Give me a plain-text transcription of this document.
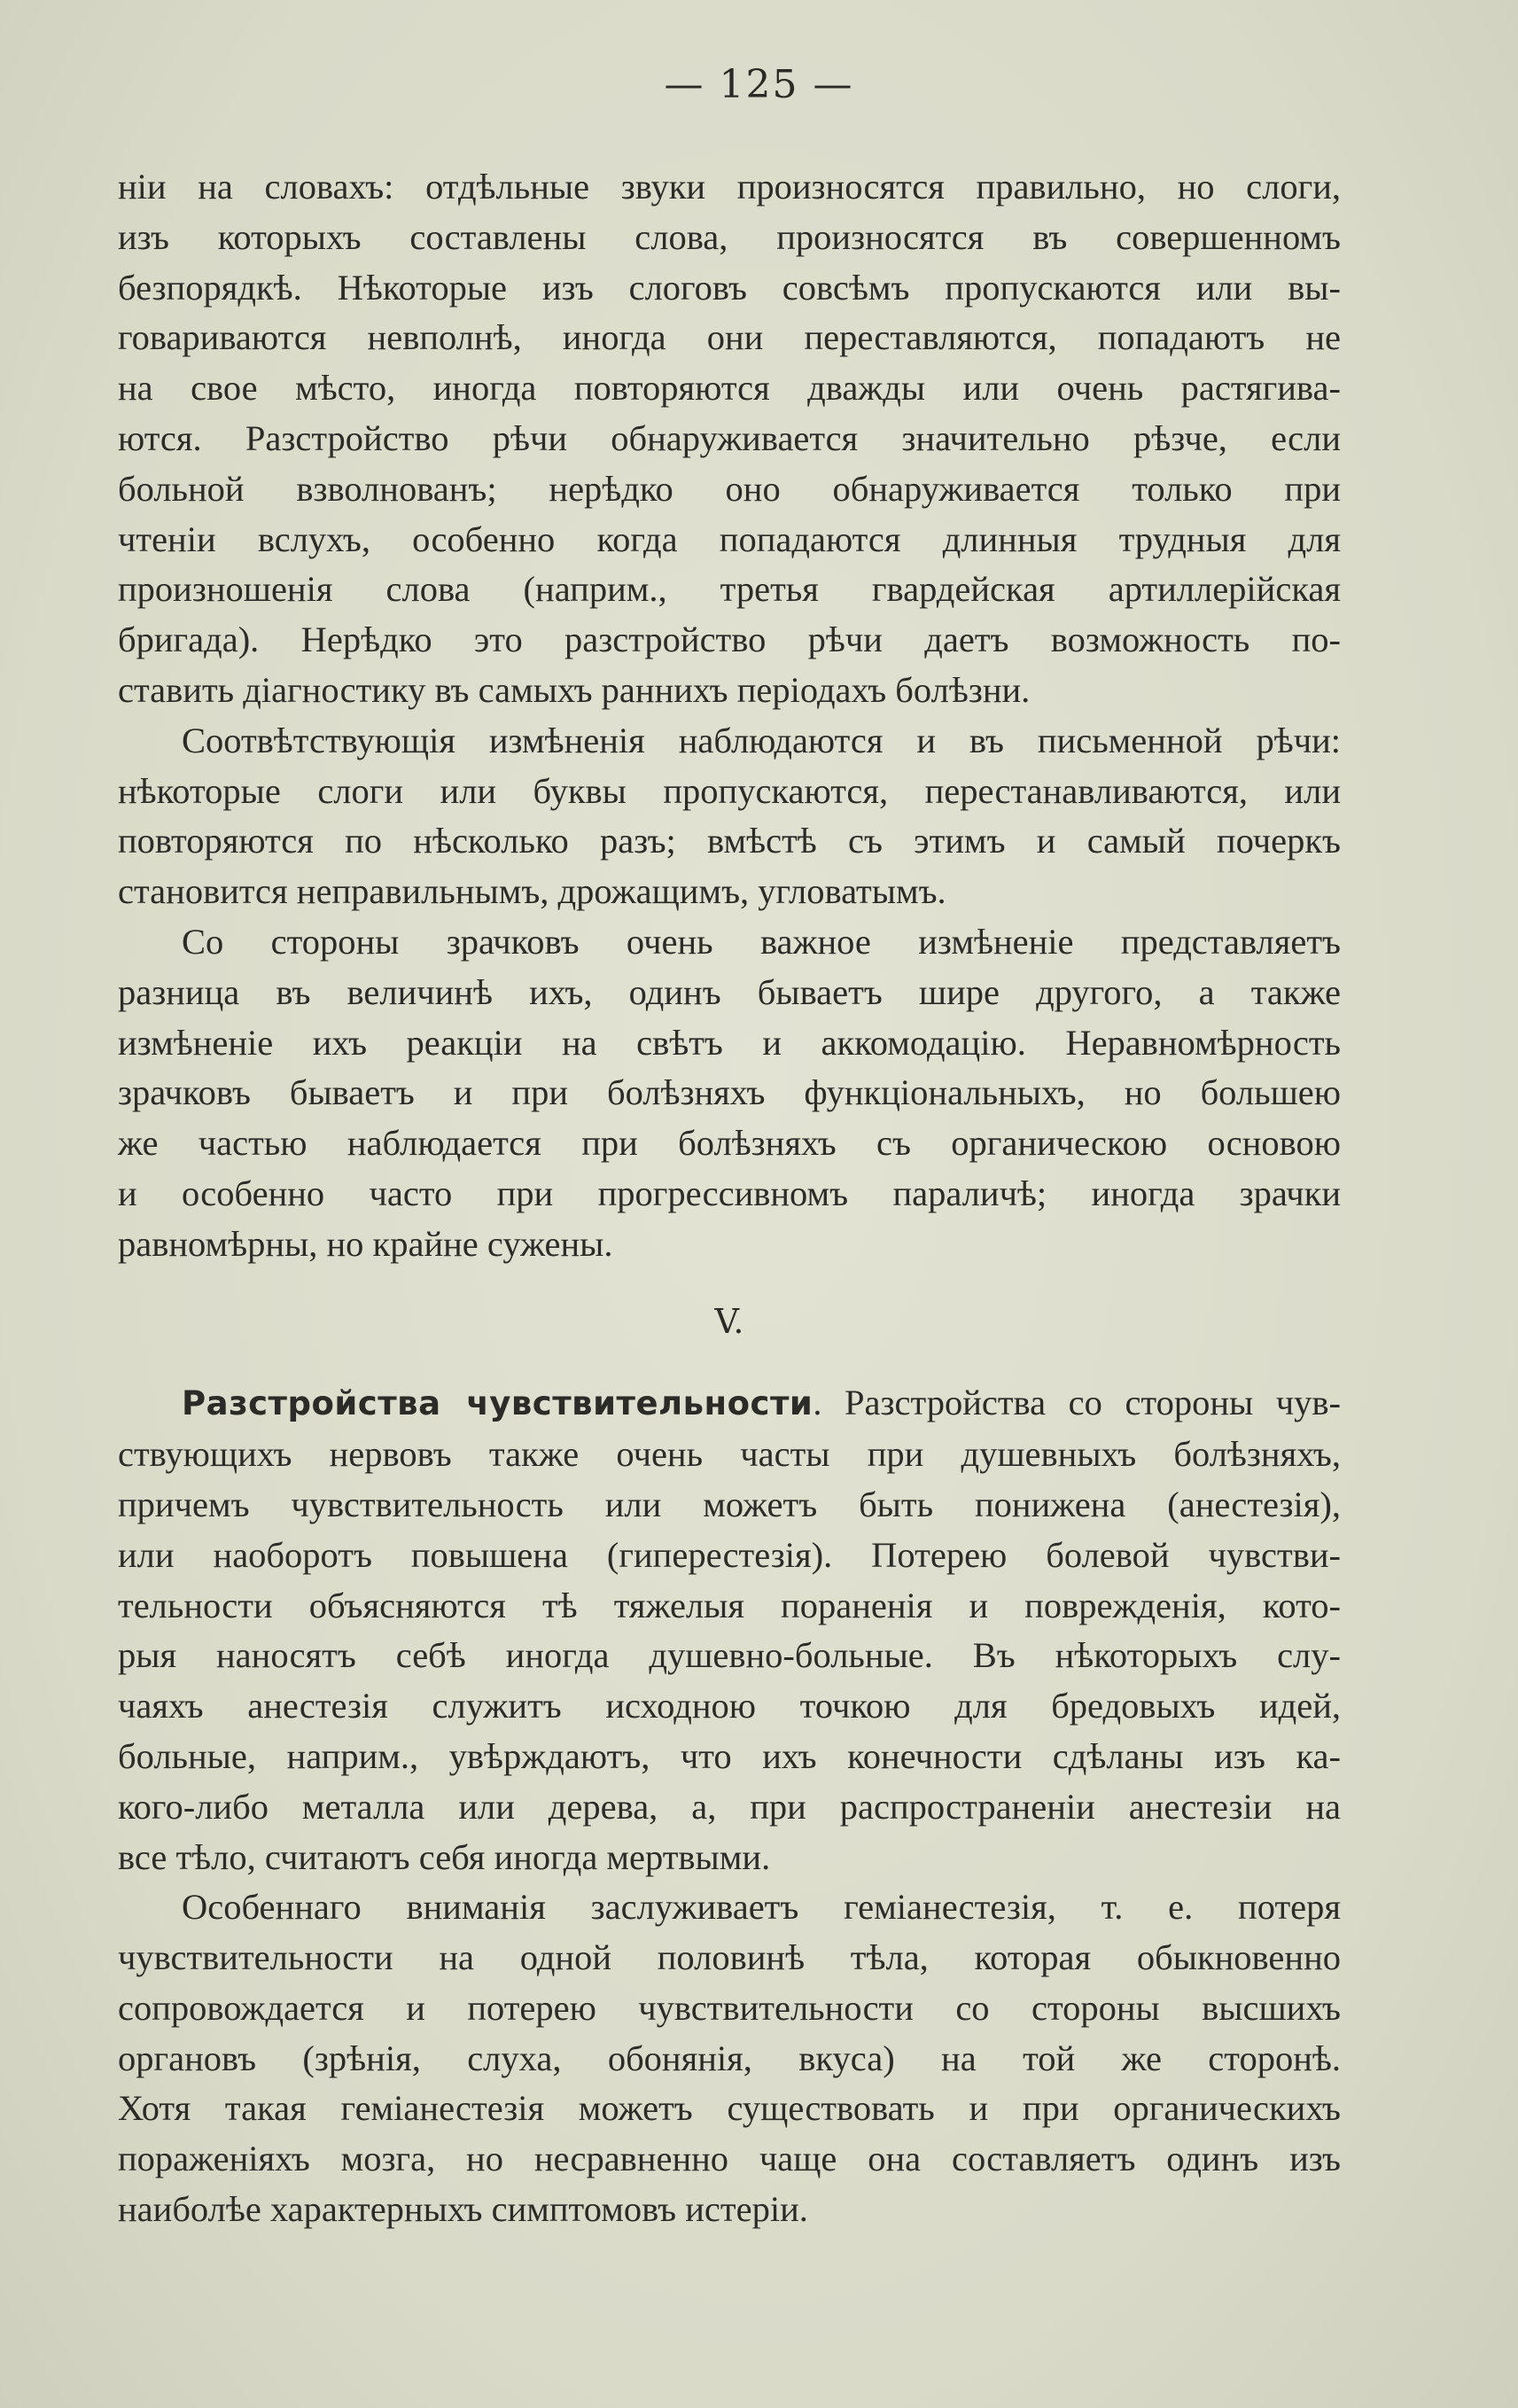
— 125 —

ніи на словахъ: отдѣльные звуки произносятся правильно, но слоги,

изъ которыхъ составлены слова, произносятся въ совершенномъ

безпорядкѣ. Нѣкоторые изъ слоговъ совсѣмъ пропускаются или вы-

говариваются невполнѣ, иногда они переставляются, попадаютъ не

на свое мѣсто, иногда повторяются дважды или очень растягива-

ются. Разстройство рѣчи обнаруживается значительно рѣзче, если

больной взволнованъ; нерѣдко оно обнаруживается только при

чтеніи вслухъ, особенно когда попадаются длинныя трудныя для

произношенія слова (наприм., третья гвардейская артиллерійская

бригада). Нерѣдко это разстройство рѣчи даетъ возможность по-

ставить діагностику въ самыхъ раннихъ періодахъ болѣзни.

Соотвѣтствующія измѣненія наблюдаются и въ письменной рѣчи:

нѣкоторые слоги или буквы пропускаются, перестанавливаются, или

повторяются по нѣсколько разъ; вмѣстѣ съ этимъ и самый почеркъ

становится неправильнымъ, дрожащимъ, угловатымъ.

Со стороны зрачковъ очень важное измѣненіе представляетъ

разница въ величинѣ ихъ, одинъ бываетъ шире другого, а также

измѣненіе ихъ реакціи на свѣтъ и аккомодацію. Неравномѣрность

зрачковъ бываетъ и при болѣзняхъ функціональныхъ, но большею

же частью наблюдается при болѣзняхъ съ органическою основою

и особенно часто при прогрессивномъ параличѣ; иногда зрачки

равномѣрны, но крайне сужены.

V.

Разстройства чувствительности. Разстройства со стороны чув-

ствующихъ нервовъ также очень часты при душевныхъ болѣзняхъ,

причемъ чувствительность или можетъ быть понижена (анестезія),

или наоборотъ повышена (гиперестезія). Потерею болевой чувстви-

тельности объясняются тѣ тяжелыя пораненія и поврежденія, кото-

рыя наносятъ себѣ иногда душевно-больные. Въ нѣкоторыхъ слу-

чаяхъ анестезія служитъ исходною точкою для бредовыхъ идей,

больные, наприм., увѣрждаютъ, что ихъ конечности сдѣланы изъ ка-

кого-либо металла или дерева, а, при распространеніи анестезіи на

все тѣло, считаютъ себя иногда мертвыми.

Особеннаго вниманія заслуживаетъ геміанестезія, т. е. потеря

чувствительности на одной половинѣ тѣла, которая обыкновенно

сопровождается и потерею чувствительности со стороны высшихъ

органовъ (зрѣнія, слуха, обонянія, вкуса) на той же сторонѣ.

Хотя такая геміанестезія можетъ существовать и при органическихъ

пораженіяхъ мозга, но несравненно чаще она составляетъ одинъ изъ

наиболѣе характерныхъ симптомовъ истеріи.
